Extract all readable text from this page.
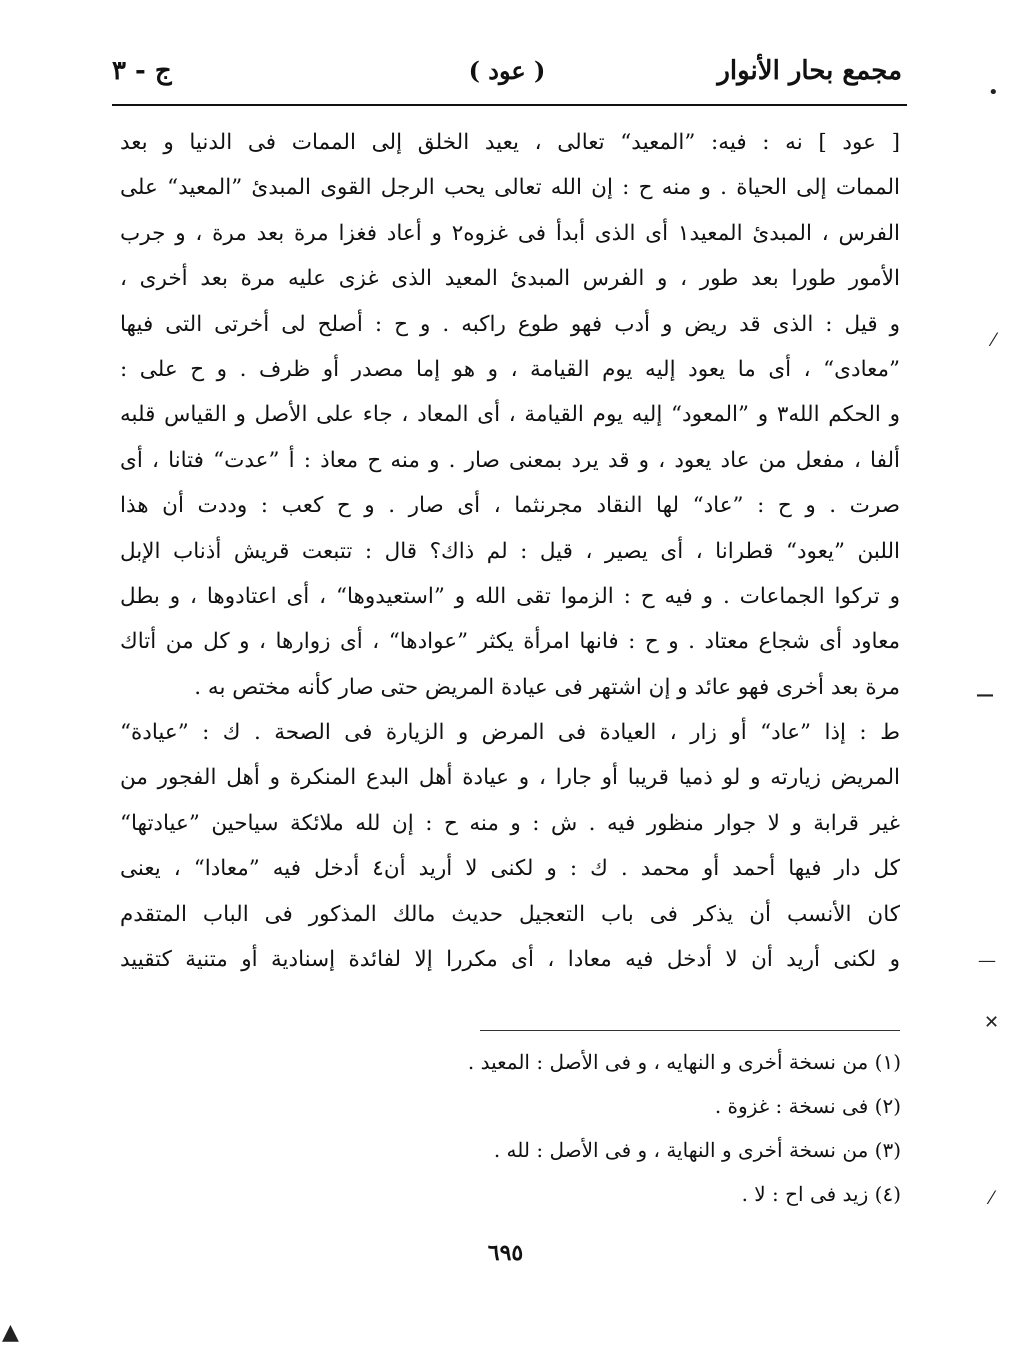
مجمع بحار الأنوار
( عود )
ج - ٣
[ عود ] نه : فيه: ”المعيد“ تعالى ، يعيد الخلق إلى الممات فى الدنيا و بعد
الممات إلى الحياة . و منه ح : إن الله تعالى يحب الرجل القوى المبدئ ”المعيد“ على
الفرس ، المبدئ المعيد١ أى الذى أبدأ فى غزوه٢ و أعاد فغزا مرة بعد مرة ، و جرب
الأمور طورا بعد طور ، و الفرس المبدئ المعيد الذى غزى عليه مرة بعد أخرى ،
و قيل : الذى قد ريض و أدب فهو طوع راكبه . و ح : أصلح لى أخرتى التى فيها
”معادى“ ، أى ما يعود إليه يوم القيامة ، و هو إما مصدر أو ظرف . و ح على :
و الحكم الله٣ و ”المعود“ إليه يوم القيامة ، أى المعاد ، جاء على الأصل و القياس قلبه
ألفا ، مفعل من عاد يعود ، و قد يرد بمعنى صار . و منه ح معاذ : أ ”عدت“ فتانا ، أى
صرت . و ح : ”عاد“ لها النقاد مجرنثما ، أى صار . و ح كعب : وددت أن هذا
اللبن ”يعود“ قطرانا ، أى يصير ، قيل : لم ذاك؟ قال : تتبعت قريش أذناب الإبل
و تركوا الجماعات . و فيه ح : الزموا تقى الله و ”استعيدوها“ ، أى اعتادوها ، و بطل
معاود أى شجاع معتاد . و ح : فانها امرأة يكثر ”عوادها“ ، أى زوارها ، و كل من أتاك
مرة بعد أخرى فهو عائد و إن اشتهر فى عيادة المريض حتى صار كأنه مختص به .
ط : إذا ”عاد“ أو زار ، العيادة فى المرض و الزيارة فى الصحة . ك : ”عيادة“
المريض زيارته و لو ذميا قريبا أو جارا ، و عيادة أهل البدع المنكرة و أهل الفجور من
غير قرابة و لا جوار منظور فيه . ش : و منه ح : إن لله ملائكة سياحين ”عيادتها“
كل دار فيها أحمد أو محمد . ك : و لكنى لا أريد أن٤ أدخل فيه ”معادا“ ، يعنى
كان الأنسب أن يذكر فى باب التعجيل حديث مالك المذكور فى الباب المتقدم
و لكنى أريد أن لا أدخل فيه معادا ، أى مكررا إلا لفائدة إسنادية أو متنية كتقييد
(١) من نسخة أخرى و النهايه ، و فى الأصل : المعيد .
(٢) فى نسخة : غزوة .
(٣) من نسخة أخرى و النهاية ، و فى الأصل : لله .
(٤) زيد فى اح : لا .
٦٩٥
•
⁄
—
—
✕
⁄
▲
